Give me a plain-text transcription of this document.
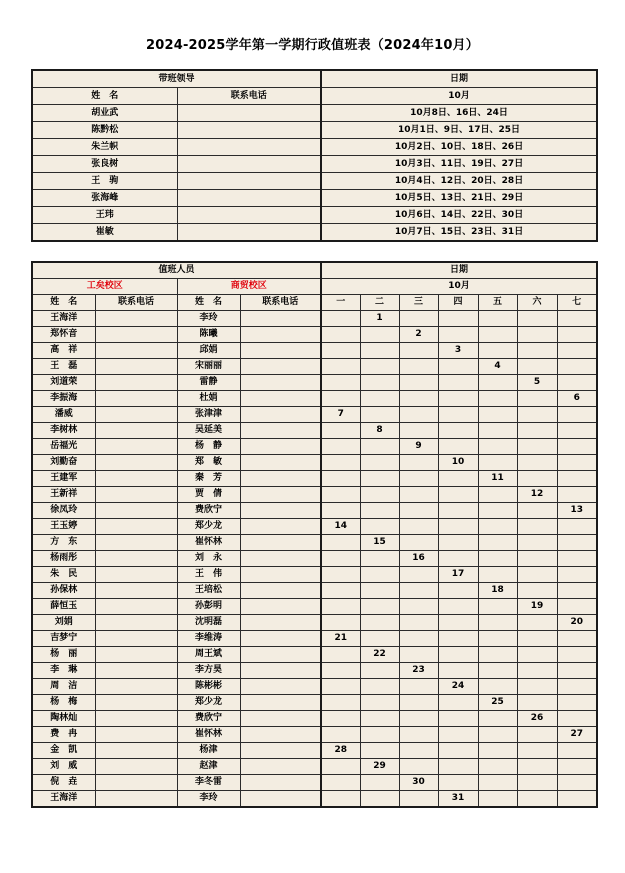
2024-2025学年第一学期行政值班表（2024年10月）
带班领导		日期
姓　名	联系电话	10月
胡业武		10月8日、16日、24日
陈黔松		10月1日、9日、17日、25日
朱兰帜		10月2日、10日、18日、26日
张良树		10月3日、11日、19日、27日
王　驹		10月4日、12日、20日、28日
张海峰		10月5日、13日、21日、29日
王玮		10月6日、14日、22日、30日
崔敏		10月7日、15日、23日、31日
值班人员				日期						
工矣校区		商贸校区		10月						
姓　名	联系电话	姓　名	联系电话	一	二	三	四	五	六	七
王海洋		李玲			1					
郑怀音		陈曦				2				
高　祥		邱娟					3			
王　磊		宋丽丽						4		
刘道荣		雷静							5	
李振海		杜娟								6
潘威		张津津		7						
李树林		吴延美			8					
岳福光		杨　静				9				
刘勤奋		郑　敏					10			
王建军		秦　芳						11		
王新祥		贾　倩							12	
徐凤玲		费欣宁								13
王玉婷		郑少龙		14						
方　东		崔怀林			15					
杨雨彤		刘　永				16				
朱　民		王　伟					17			
孙保林		王培松						18		
薛恒玉		孙彭明							19	
刘娟		沈明磊								20
吉梦宁		李维涛		21						
杨　丽		周王斌			22					
李　琳		李方昊				23				
周　洁		陈彬彬					24			
杨　梅		郑少龙						25		
陶林灿		费欣宁							26	
费　冉		崔怀林								27
金　凯		杨津		28						
刘　威		赵津			29					
倪　垚		李冬雷				30				
王海洋		李玲					31			
